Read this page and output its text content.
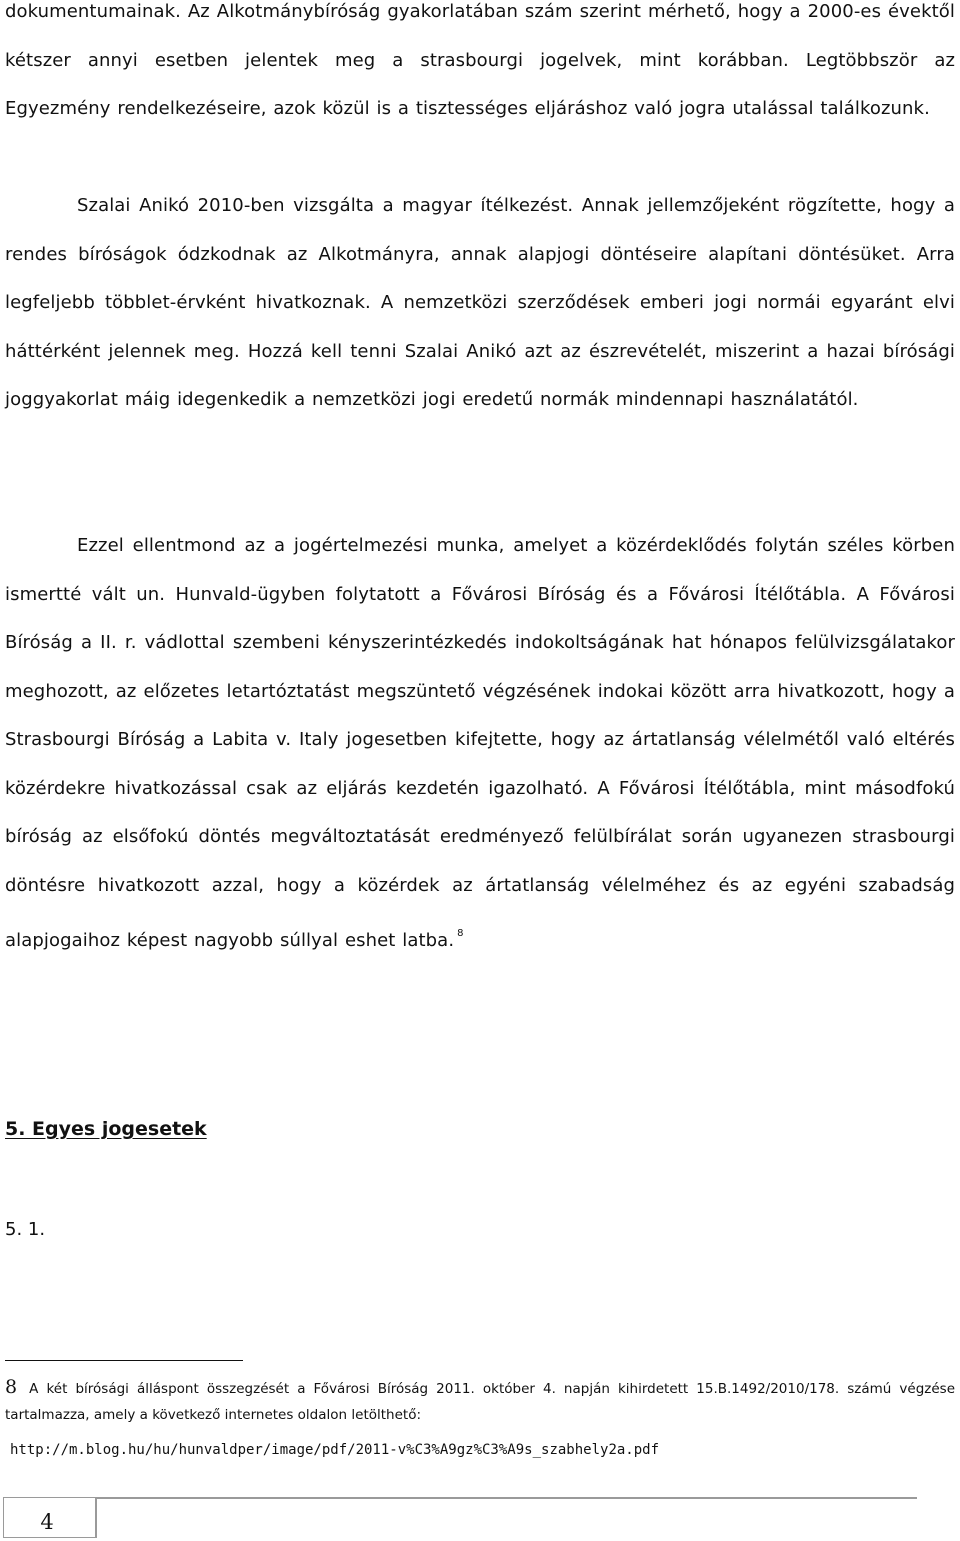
dokumentumainak. Az Alkotmánybíróság gyakorlatában szám szerint mérhető, hogy a 2000-es évektől kétszer annyi esetben jelentek meg a strasbourgi jogelvek, mint korábban. Legtöbbször az Egyezmény rendelkezéseire, azok közül is a tisztességes eljáráshoz való jogra utalással találkozunk.

Szalai Anikó 2010-ben vizsgálta a magyar ítélkezést. Annak jellemzőjeként rögzítette, hogy a rendes bíróságok ódzkodnak az Alkotmányra, annak alapjogi döntéseire alapítani döntésüket. Arra legfeljebb többlet-érvként hivatkoznak. A nemzetközi szerződések emberi jogi normái egyaránt elvi háttérként jelennek meg. Hozzá kell tenni Szalai Anikó azt az észrevételét, miszerint a hazai bírósági joggyakorlat máig idegenkedik a nemzetközi jogi eredetű normák mindennapi használatától.

Ezzel ellentmond az a jogértelmezési munka, amelyet a közérdeklődés folytán széles körben ismertté vált un. Hunvald-ügyben folytatott a Fővárosi Bíróság és a Fővárosi Ítélőtábla. A Fővárosi Bíróság a II. r. vádlottal szembeni kényszerintézkedés indokoltságának hat hónapos felülvizsgálatakor meghozott, az előzetes letartóztatást megszüntető végzésének indokai között arra hivatkozott, hogy a Strasbourgi Bíróság a Labita v. Italy jogesetben kifejtette, hogy az ártatlanság vélelmétől való eltérés közérdekre hivatkozással csak az eljárás kezdetén igazolható. A Fővárosi Ítélőtábla, mint másodfokú bíróság az elsőfokú döntés megváltoztatását eredményező felülbírálat során ugyanezen strasbourgi döntésre hivatkozott azzal, hogy a közérdek az ártatlanság vélelméhez és az egyéni szabadság alapjogaihoz képest nagyobb súllyal eshet latba. $^8$

5. Egyes jogesetek

5. 1.

8 A két bírósági álláspont összegzését a Fővárosi Bíróság 2011. október 4. napján kihirdetett 15.B.1492/2010/178. számú végzése tartalmazza, amely a következő internetes oldalon letölthető:

http://m.blog.hu/hu/hunvaldper/image/pdf/2011-v%C3%A9gz%C3%A9s_szabhely2a.pdf

4
